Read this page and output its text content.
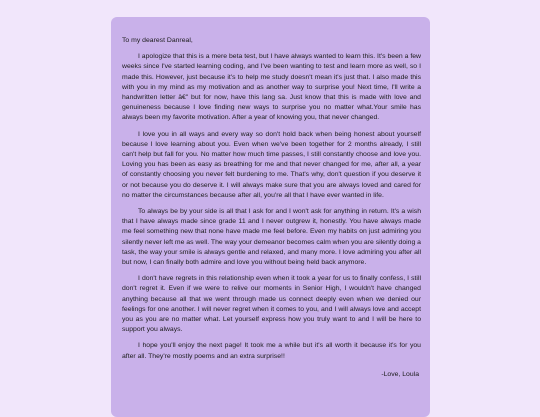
To my dearest Danreal,

I apologize that this is a mere beta test, but I have always wanted to learn this. It's been a few weeks since I've started learning coding, and I've been wanting to test and learn more as well, so I made this. However, just because it's to help me study doesn't mean it's just that. I also made this with you in my mind as my motivation and as another way to surprise you! Next time, I'll write a handwritten letter â€" but for now, have this lang sa. Just know that this is made with love and genuineness because I love finding new ways to surprise you no matter what.Your smile has always been my favorite motivation. After a year of knowing you, that never changed.

I love you in all ways and every way so don't hold back when being honest about yourself because I love learning about you. Even when we've been together for 2 months already, I still can't help but fall for you. No matter how much time passes, I still constantly choose and love you. Loving you has been as easy as breathing for me and that never changed for me, after all, a year of constantly choosing you never felt burdening to me. That's why, don't question if you deserve it or not because you do deserve it. I will always make sure that you are always loved and cared for no matter the circumstances because after all, you're all that I have ever wanted in life.

To always be by your side is all that I ask for and I won't ask for anything in return. It's a wish that I have always made since grade 11 and I never outgrew it, honestly. You have always made me feel something new that none have made me feel before. Even my habits on just admiring you silently never left me as well. The way your demeanor becomes calm when you are silently doing a task, the way your smile is always gentle and relaxed, and many more. I love admiring you after all but now, I can finally both admire and love you without being held back anymore.

I don't have regrets in this relationship even when it took a year for us to finally confess, I still don't regret it. Even if we were to relive our moments in Senior High, I wouldn't have changed anything because all that we went through made us connect deeply even when we denied our feelings for one another. I will never regret when it comes to you, and I will always love and accept you as you are no matter what. Let yourself express how you truly want to and I will be here to support you always.

I hope you'll enjoy the next page! It took me a while but it's all worth it because it's for you after all. They're mostly poems and an extra surprise!!

-Love, Loula
